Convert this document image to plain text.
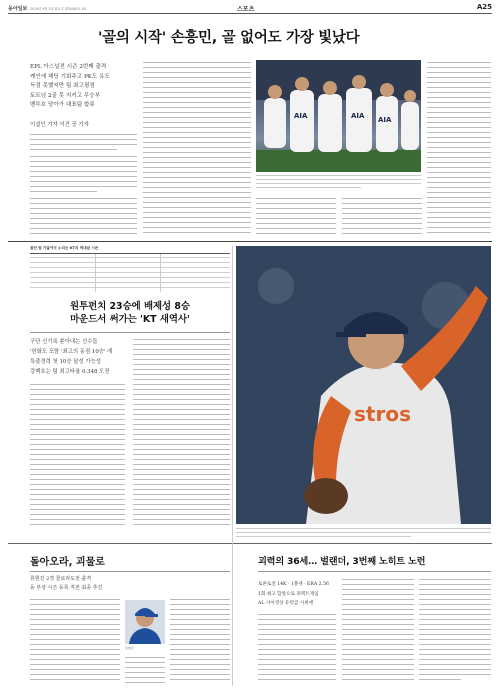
동아일보 2019년 9월 3일 화요일 제30492호 A5	스포츠	A25
'골의 시작' 손흥민, 골 없어도 가장 빛났다
EPL 아스널전 시즌 2번째 출격
케인에 헤딩 기회주고 PK도 유도
득점 못했지만 팀 최고평점
토트넘 2골 못 지키고 무승부
벤투호 담아가 대표팀 합류
이설인 기자 이건 공 기자
AIA	AIA AIA
참단 팀 가을야구 노리는 KT의 역대급 시즌
원투펀치 23승에 배제성 8승
마운드서 써가는 'KT 새역사'
구단 신기록 쏟아내는 선수들
'한화도 포함 '최고의 동점 10승' 에
특출경력 첫 10승 달성 가능성
강백호는 팀 최고타율 0.348 도전
stros
돌아오라, 괴물로
류현진 2경 콜로라도전 출격
등 부상 시즌 등록 직전 최종 추진
류현진
괴력의 36세… 벌랜더, 3번째 노히트 노런
토론토전 14K · 1볼넷 · ERA 2.56
1회 최고 합앞으로 퍼펙트게임
AL 사이영상 유력급 시위에
